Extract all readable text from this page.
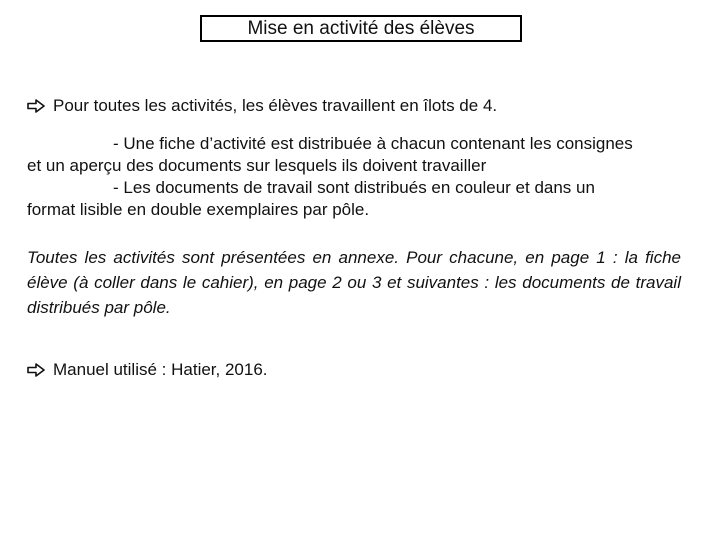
Mise en activité des élèves
Pour toutes les activités, les élèves travaillent en îlots de 4.

- Une fiche d’activité est distribuée à chacun contenant les consignes

et un aperçu des documents sur lesquels ils doivent travailler

- Les documents de travail sont distribués en couleur et dans un

format lisible en double exemplaires par pôle.

Toutes les activités sont présentées en annexe. Pour chacune, en page 1 : la fiche élève (à coller dans le cahier), en page 2 ou 3 et suivantes : les documents de travail distribués par pôle.
Manuel utilisé : Hatier, 2016.
